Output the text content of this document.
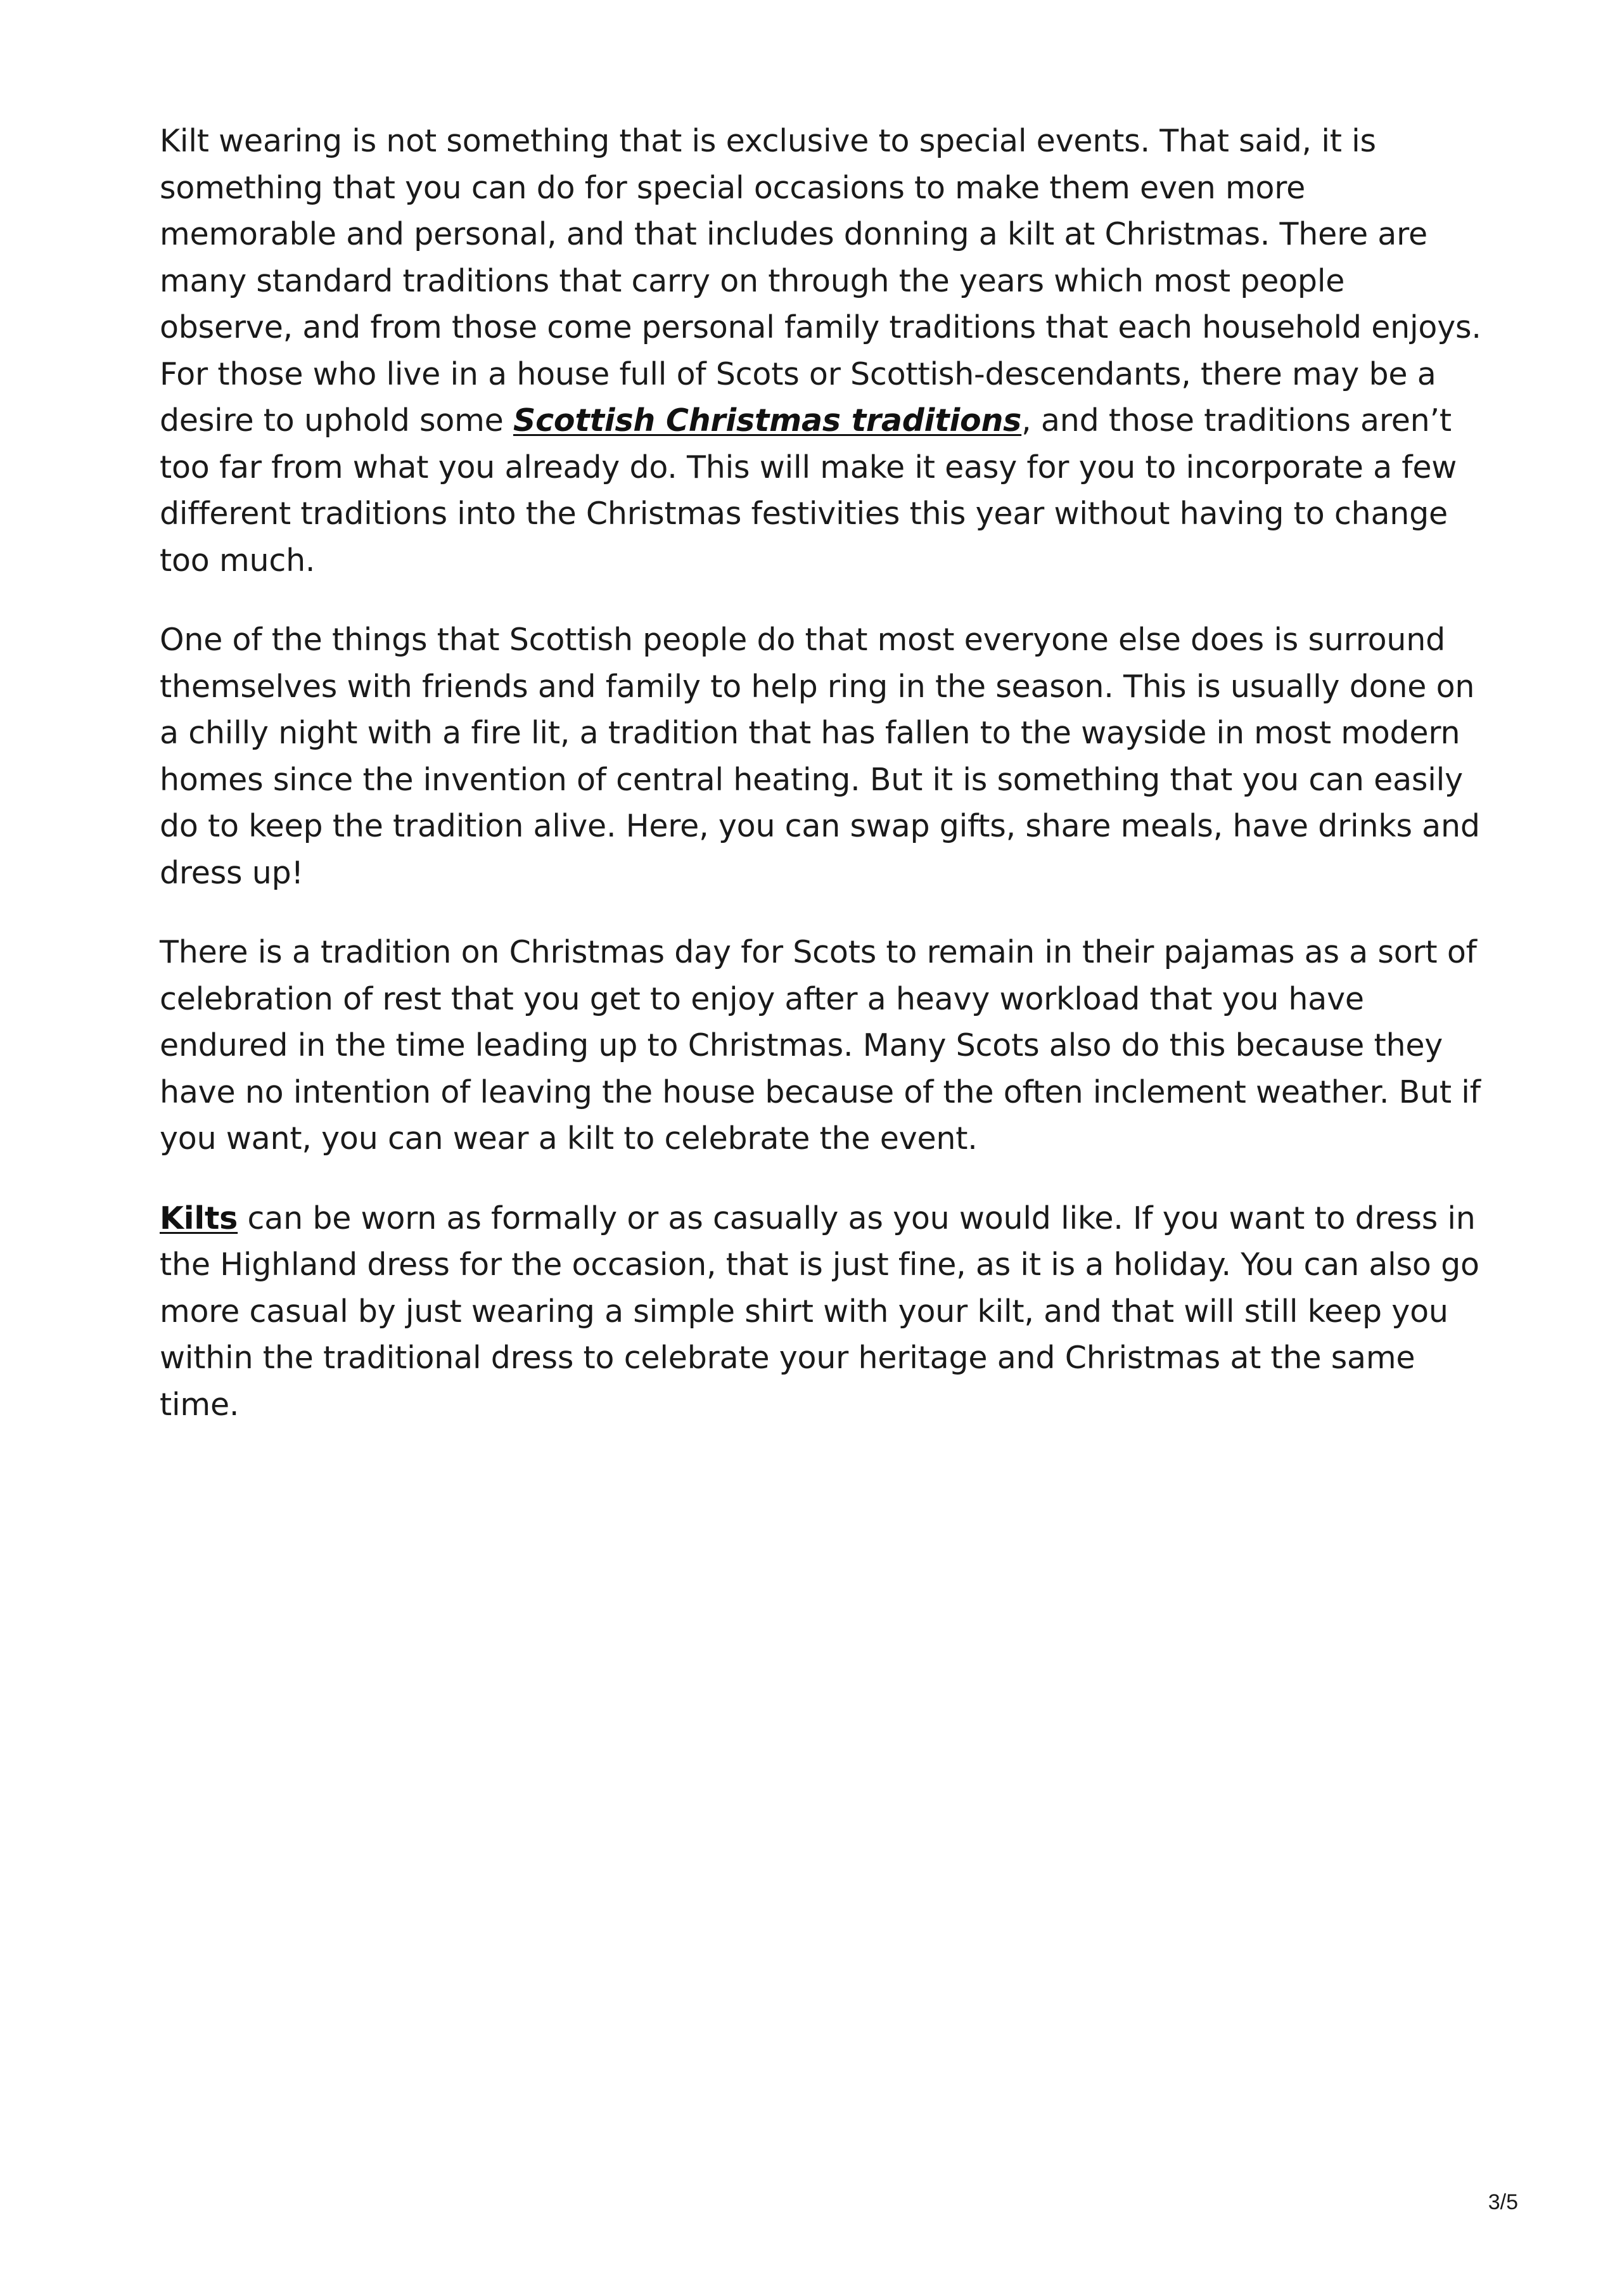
Kilt wearing is not something that is exclusive to special events. That said, it is something that you can do for special occasions to make them even more memorable and personal, and that includes donning a kilt at Christmas. There are many standard traditions that carry on through the years which most people observe, and from those come personal family traditions that each household enjoys. For those who live in a house full of Scots or Scottish-descendants, there may be a desire to uphold some Scottish Christmas traditions, and those traditions aren’t too far from what you already do. This will make it easy for you to incorporate a few different traditions into the Christmas festivities this year without having to change too much.

One of the things that Scottish people do that most everyone else does is surround themselves with friends and family to help ring in the season. This is usually done on a chilly night with a fire lit, a tradition that has fallen to the wayside in most modern homes since the invention of central heating. But it is something that you can easily do to keep the tradition alive. Here, you can swap gifts, share meals, have drinks and dress up!

There is a tradition on Christmas day for Scots to remain in their pajamas as a sort of celebration of rest that you get to enjoy after a heavy workload that you have endured in the time leading up to Christmas. Many Scots also do this because they have no intention of leaving the house because of the often inclement weather. But if you want, you can wear a kilt to celebrate the event.

Kilts can be worn as formally or as casually as you would like. If you want to dress in the Highland dress for the occasion, that is just fine, as it is a holiday. You can also go more casual by just wearing a simple shirt with your kilt, and that will still keep you within the traditional dress to celebrate your heritage and Christmas at the same time.

3/5
